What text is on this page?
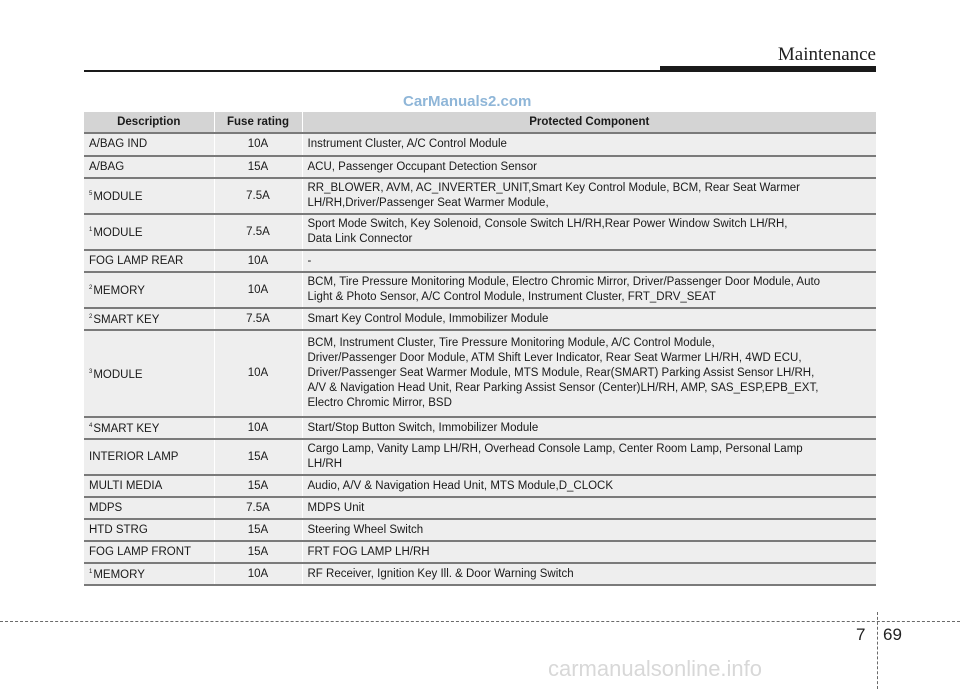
Maintenance
CarManuals2.com
Description	Fuse rating	Protected Component
A/BAG IND	10A	Instrument Cluster, A/C Control Module

A/BAG	15A	ACU, Passenger Occupant Detection Sensor

$^5$MODULE	7.5A	RR_BLOWER, AVM, AC_INVERTER_UNIT,Smart Key Control Module, BCM, Rear Seat Warmer
LH/RH,Driver/Passenger Seat Warmer Module,

$^1$MODULE	7.5A	Sport Mode Switch, Key Solenoid, Console Switch LH/RH,Rear Power Window Switch LH/RH,
Data Link Connector

FOG LAMP REAR	10A	-

$^2$MEMORY	10A	BCM, Tire Pressure Monitoring Module, Electro Chromic Mirror, Driver/Passenger Door Module, Auto
Light & Photo Sensor, A/C Control Module, Instrument Cluster, FRT_DRV_SEAT

$^2$SMART KEY	7.5A	Smart Key Control Module, Immobilizer Module

$^3$MODULE	10A	BCM, Instrument Cluster, Tire Pressure Monitoring Module, A/C Control Module,
Driver/Passenger Door Module, ATM Shift Lever Indicator, Rear Seat Warmer LH/RH, 4WD ECU,
Driver/Passenger Seat Warmer Module, MTS Module, Rear(SMART) Parking Assist Sensor LH/RH,
A/V & Navigation Head Unit, Rear Parking Assist Sensor (Center)LH/RH, AMP, SAS_ESP,EPB_EXT,
Electro Chromic Mirror, BSD

$^4$SMART KEY	10A	Start/Stop Button Switch, Immobilizer Module

INTERIOR LAMP	15A	Cargo Lamp, Vanity Lamp LH/RH, Overhead Console Lamp, Center Room Lamp, Personal Lamp
LH/RH

MULTI MEDIA	15A	Audio, A/V & Navigation Head Unit, MTS Module,D_CLOCK

MDPS	7.5A	MDPS Unit

HTD STRG	15A	Steering Wheel Switch

FOG LAMP FRONT	15A	FRT FOG LAMP LH/RH

$^1$MEMORY	10A	RF Receiver, Ignition Key Ill. & Door Warning Switch
7 69
carmanualsonline.info
